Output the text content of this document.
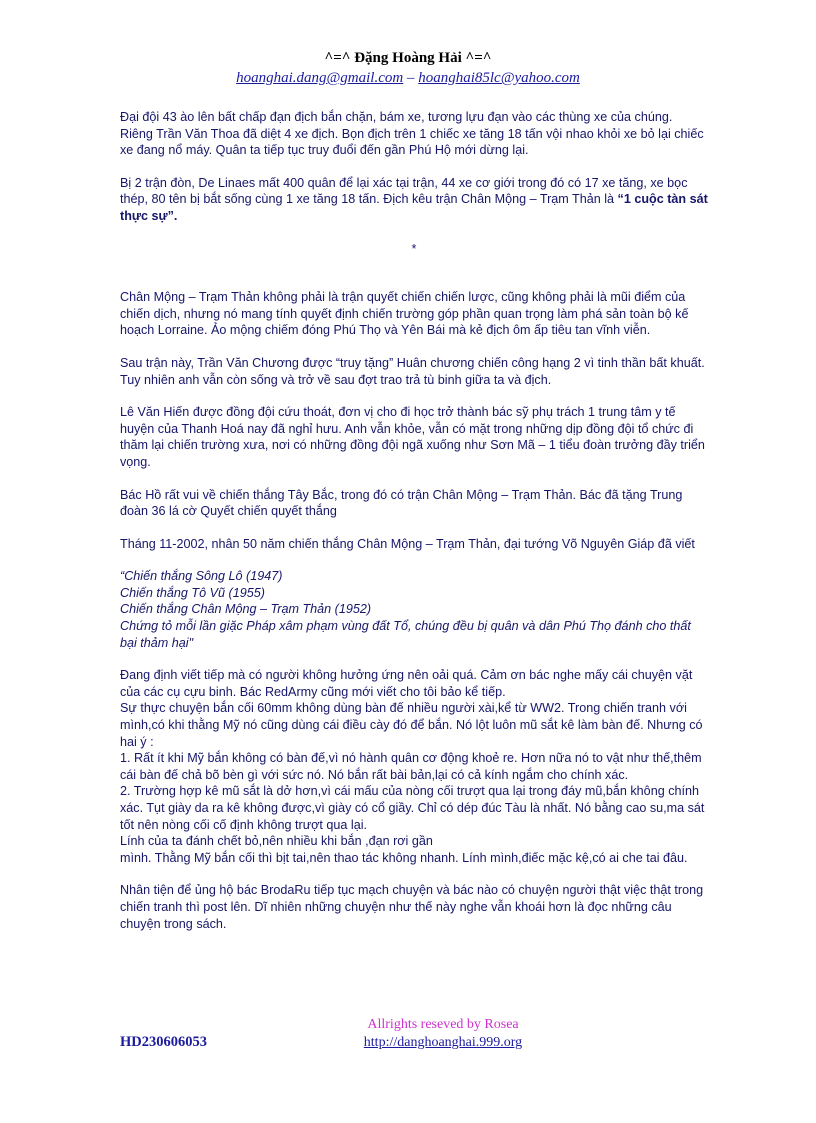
^=^ Đặng Hoàng Hải ^=^
hoanghai.dang@gmail.com – hoanghai85lc@yahoo.com

Đại đội 43 ào lên bất chấp đạn địch bắn chặn, bám xe, tương lựu đạn vào các thùng xe của chúng. Riêng Trần Văn Thoa đã diệt 4 xe địch. Bọn địch trên 1 chiếc xe tăng 18 tấn vội nhao khỏi xe bỏ lại chiếc xe đang nổ máy. Quân ta tiếp tục truy đuổi đến gần Phú Hộ mới dừng lại.

Bị 2 trận đòn, De Linaes mất 400 quân để lại xác tại trận, 44 xe cơ giới trong đó có 17 xe tăng, xe bọc thép, 80 tên bị bắt sống cùng 1 xe tăng 18 tấn. Địch kêu trận Chân Mộng – Trạm Thản là “1 cuộc tàn sát thực sự”.

*

Chân Mộng – Trạm Thản không phải là trận quyết chiến chiến lược, cũng không phải là mũi điểm của chiến dịch, nhưng nó mang tính quyết định chiến trường góp phần quan trọng làm phá sản toàn bộ kế hoạch Lorraine. Ảo mộng chiếm đóng Phú Thọ và Yên Bái mà kẻ địch ôm ấp tiêu tan vĩnh viễn.

Sau trận này, Trần Văn Chương được “truy tặng” Huân chương chiến công hạng 2 vì tinh thần bất khuất. Tuy nhiên anh vẫn còn sống và trở về sau đợt trao trả tù binh giữa ta và địch.

Lê Văn Hiến được đồng đội cứu thoát, đơn vị cho đi học trở thành bác sỹ phụ trách 1 trung tâm y tế huyện của Thanh Hoá nay đã nghỉ hưu. Anh vẫn khỏe, vẫn có mặt trong những dịp đồng đội tổ chức đi thăm lại chiến trường xưa, nơi có những đồng đội ngã xuống như Sơn Mã – 1 tiểu đoàn trưởng đầy triển vọng.

Bác Hồ rất vui về chiến thắng Tây Bắc, trong đó có trận Chân Mộng – Trạm Thản. Bác đã tặng Trung đoàn 36 lá cờ Quyết chiến quyết thắng

Tháng 11-2002, nhân 50 năm chiến thắng Chân Mộng – Trạm Thản, đại tướng Võ Nguyên Giáp đã viết

“Chiến thắng Sông Lô (1947)
Chiến thắng Tô Vũ (1955)
Chiến thắng Chân Mộng – Trạm Thản (1952)
Chứng tỏ mỗi lần giặc Pháp xâm phạm vùng đất Tổ, chúng đều bị quân và dân Phú Thọ đánh cho thất bại thảm hại"

Đang định viết tiếp mà có người không hưởng ứng nên oải quá. Cảm ơn bác nghe mấy cái chuyện vặt của các cụ cựu binh. Bác RedArmy cũng mới viết cho tôi bảo kể tiếp.
Sự thực chuyện bắn cối 60mm không dùng bàn đế nhiều người xài,kể từ WW2. Trong chiến tranh với mình,có khi thằng Mỹ nó cũng dùng cái điều cày đó để bắn. Nó lột luôn mũ sắt kê làm bàn đế. Nhưng có hai ý :
1. Rất ít khi Mỹ bắn không có bàn đế,vì nó hành quân cơ động khoẻ re. Hơn nữa nó to vật như thế,thêm cái bàn đế chả bõ bèn gì với sức nó. Nó bắn rất bài bản,lại có cả kính ngắm cho chính xác.
2. Trường hợp kê mũ sắt là dở hơn,vì cái mấu của nòng cối trượt qua lại trong đáy mũ,bắn không chính xác. Tụt giày da ra kê không được,vì giày có cổ giầy. Chỉ có dép đúc Tàu là nhất. Nó bằng cao su,ma sát tốt nên nòng cối cố định không trượt qua lại.
Lính của ta đánh chết bỏ,nên nhiều khi bắn ,đạn rơi gần
mình. Thằng Mỹ bắn cối thì bịt tai,nên thao tác không nhanh. Lính mình,điếc mặc kệ,có ai che tai đâu.

Nhân tiện để ủng hộ bác BrodaRu tiếp tục mạch chuyện và bác nào có chuyện người thật việc thật trong chiến tranh thì post lên. Dĩ nhiên những chuyện như thế này nghe vẫn khoái hơn là đọc những câu chuyện trong sách.

Allrights reseved by Rosea
http://danghoanghai.999.org
HD230606053
